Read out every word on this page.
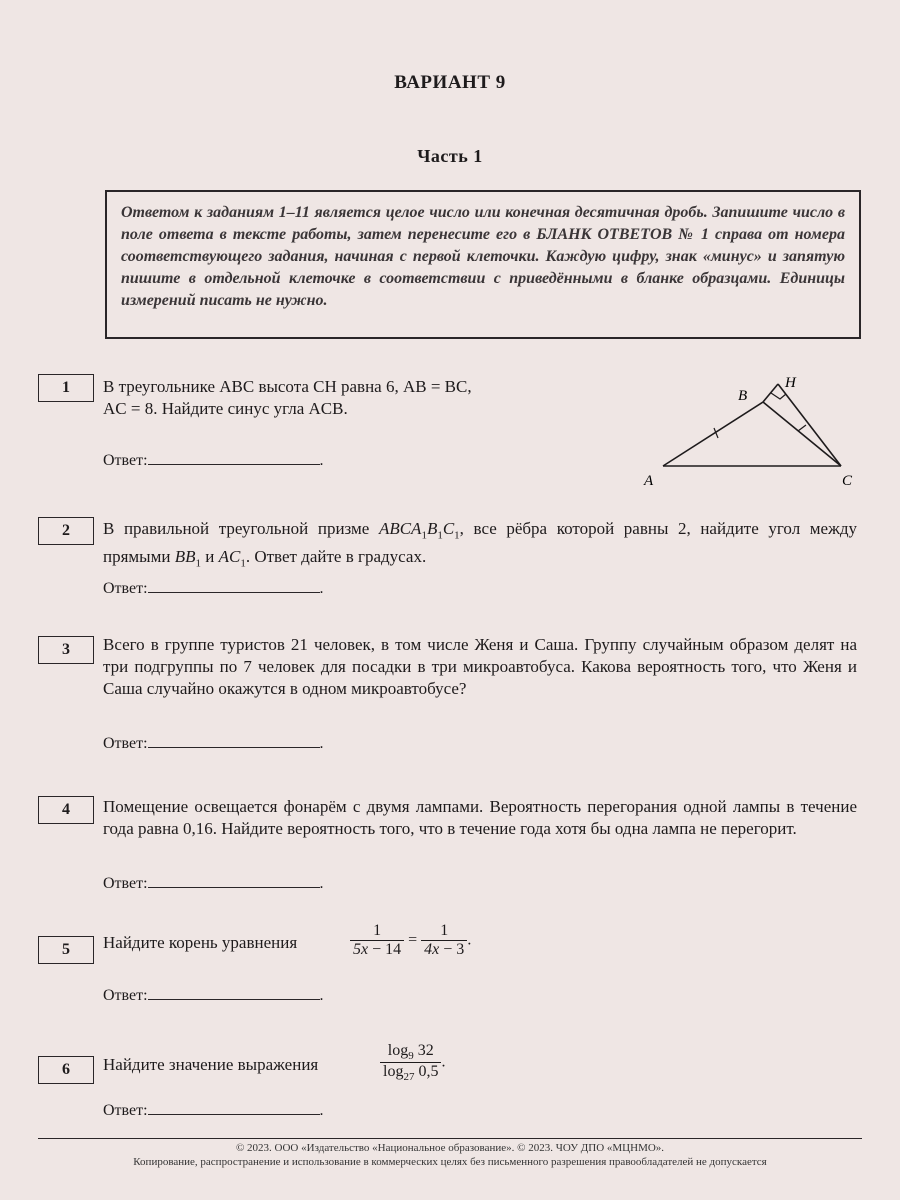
ВАРИАНТ 9
Часть 1
Ответом к заданиям 1–11 является целое число или конечная десятичная дробь. Запишите число в поле ответа в тексте работы, затем перенесите его в БЛАНК ОТВЕТОВ № 1 справа от номера соответствующего задания, начиная с первой клеточки. Каждую цифру, знак «минус» и запятую пишите в отдельной клеточке в соответствии с приведёнными в бланке образцами. Единицы измерений писать не нужно.
1	В треугольнике ABC высота CH равна 6, AB = BC,
AC = 8. Найдите синус угла ACB.
Ответ:	.
A
B
C
H
2	В правильной треугольной призме $ABCA_1B_1C_1$, все рёбра которой равны 2, найдите угол между прямыми $BB_1$ и $AC_1$. Ответ дайте в градусах.
Ответ:	.
3	Всего в группе туристов 21 человек, в том числе Женя и Саша. Группу случайным образом делят на три подгруппы по 7 человек для посадки в три микроавтобуса. Какова вероятность того, что Женя и Саша случайно окажутся в одном микроавтобусе?
Ответ:	.
4	Помещение освещается фонарём с двумя лампами. Вероятность перегорания одной лампы в течение года равна 0,16. Найдите вероятность того, что в течение года хотя бы одна лампа не перегорит.
Ответ:	.
5	Найдите корень уравнения	$\frac{1}{5x - 14} = \frac{1}{4x - 3}$ .
Ответ:	.
6	Найдите значение выражения	$\frac{\log_9 32}{\log_{27} 0,5}$ .
Ответ:	.
© 2023. ООО «Издательство «Национальное образование». © 2023. ЧОУ ДПО «МЦНМО».
Копирование, распространение и использование в коммерческих целях без письменного разрешения правообладателей не допускается
